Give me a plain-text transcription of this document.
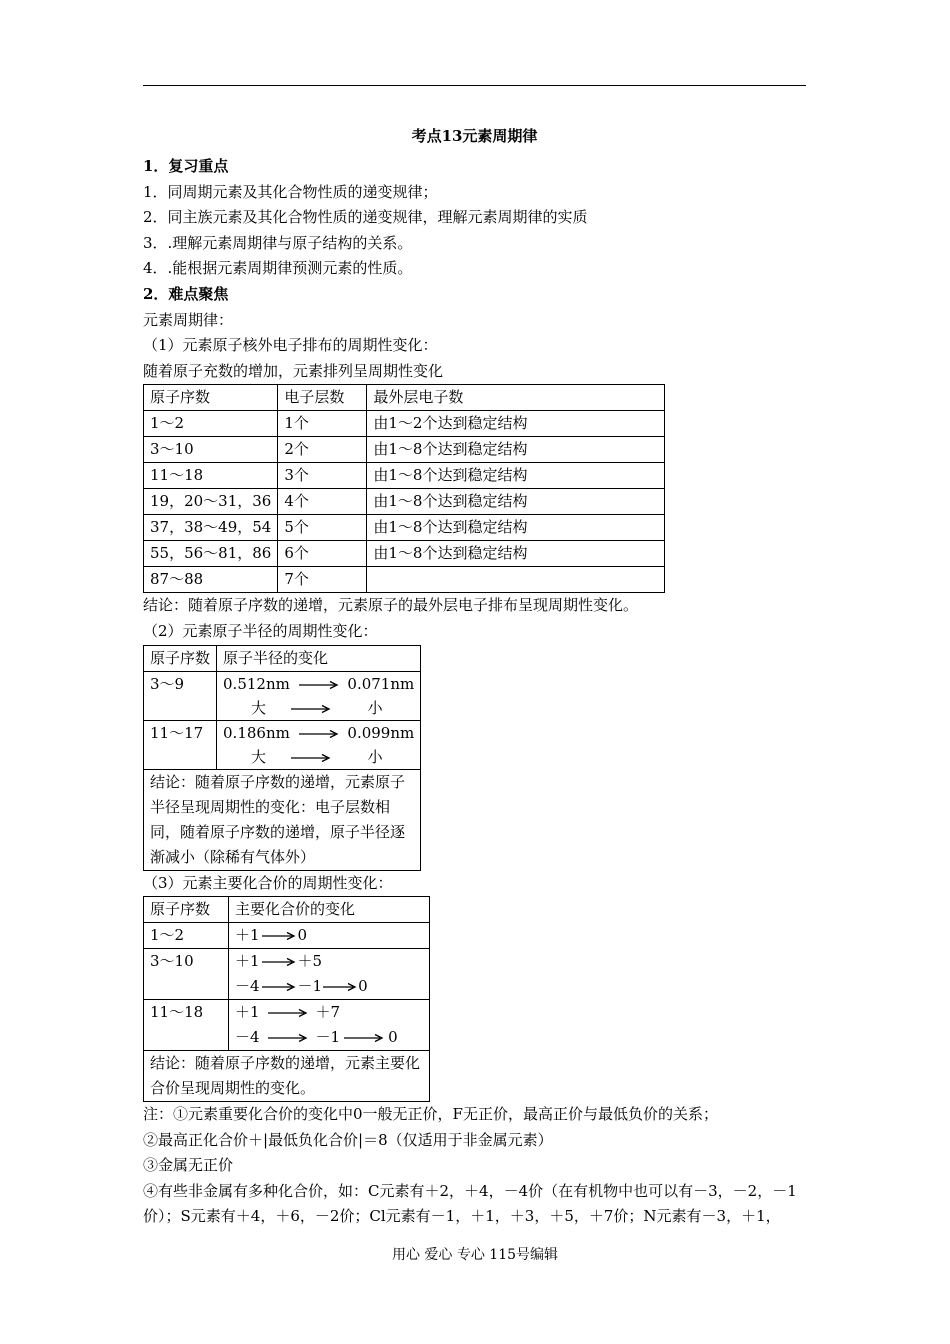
考点13元素周期律
1．复习重点
1．同周期元素及其化合物性质的递变规律；
2．同主族元素及其化合物性质的递变规律，理解元素周期律的实质
3．.理解元素周期律与原子结构的关系。
4．.能根据元素周期律预测元素的性质。
2．难点聚焦
元素周期律：
（1）元素原子核外电子排布的周期性变化：
随着原子充数的增加，元素排列呈周期性变化
原子序数	电子层数	最外层电子数
1～2	1个	由1～2个达到稳定结构
3～10	2个	由1～8个达到稳定结构
11～18	3个	由1～8个达到稳定结构
19，20～31，36	4个	由1～8个达到稳定结构
37，38～49，54	5个	由1～8个达到稳定结构
55，56～81，86	6个	由1～8个达到稳定结构
87～88	7个	
结论：随着原子序数的递增，元素原子的最外层电子排布呈现周期性变化。
（2）元素原子半径的周期性变化：
原子序数	原子半径的变化
3～9	0.512nm 0.071nm
大 小

11～17	0.186nm 0.099nm
大 小

结论：随着原子序数的递增，元素原子半径呈现周期性的变化：电子层数相同，随着原子序数的递增，原子半径逐渐减小（除稀有气体外）	
（3）元素主要化合价的周期性变化：
原子序数	主要化合价的变化
1～2	＋1 0
3～10	＋1 ＋5
－4 －1 0

11～18	＋1 ＋7
－4 －1 0

结论：随着原子序数的递增，元素主要化合价呈现周期性的变化。	
注：①元素重要化合价的变化中0一般无正价，F无正价，最高正价与最低负价的关系；
②最高正化合价＋|最低负化合价|＝8（仅适用于非金属元素）
③金属无正价
④有些非金属有多种化合价，如：C元素有＋2，＋4，－4价（在有机物中也可以有－3，－2，－1价）；S元素有＋4，＋6，－2价；Cl元素有－1，＋1，＋3，＋5，＋7价；N元素有－3，＋1，
用心 爱心 专心 115号编辑
